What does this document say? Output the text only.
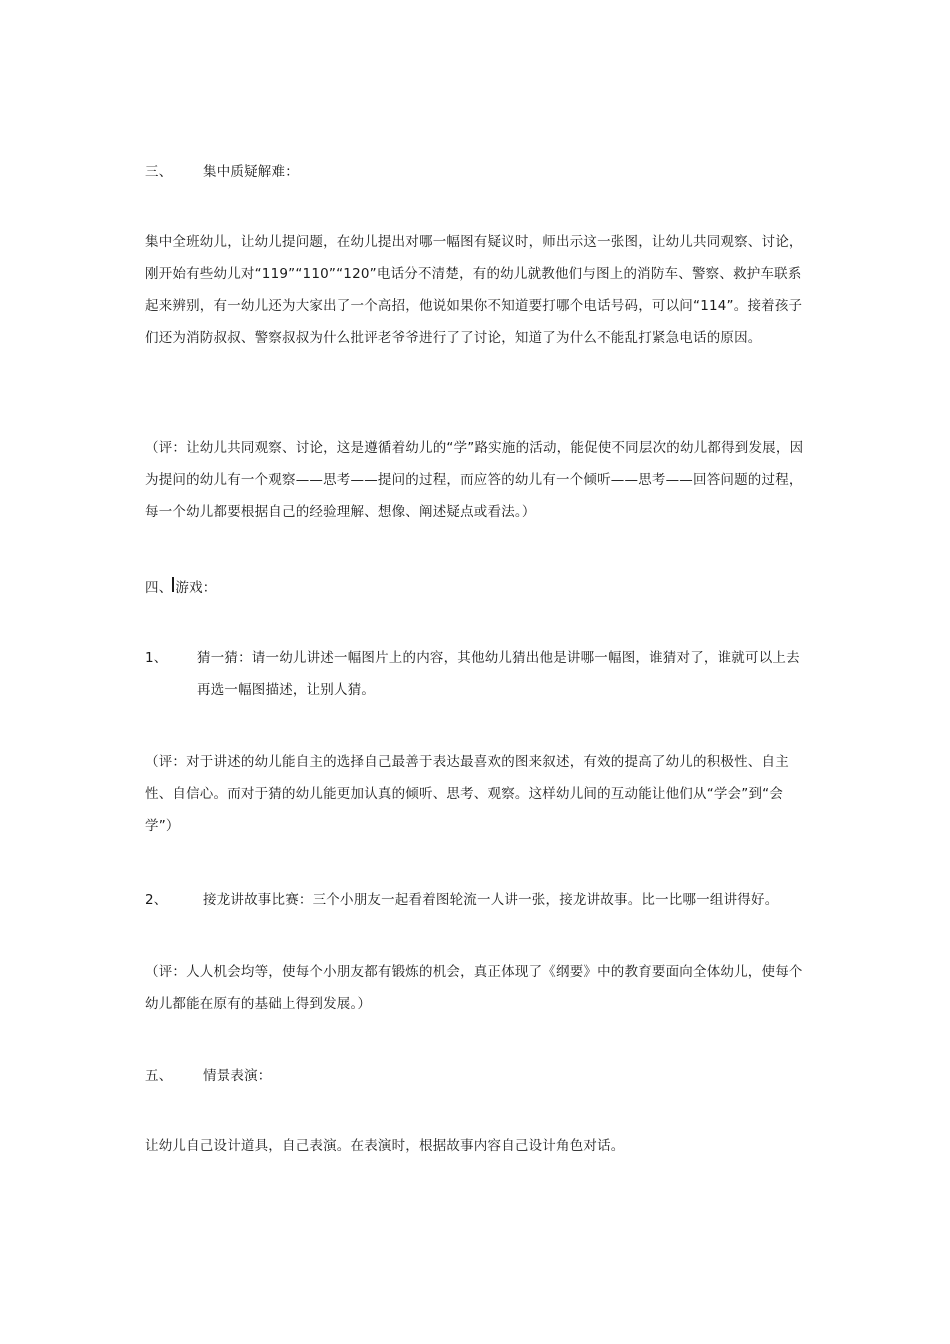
三、	集中质疑解难：

集中全班幼儿，让幼儿提问题，在幼儿提出对哪一幅图有疑议时，师出示这一张图，让幼儿共同观察、讨论，刚开始有些幼儿对“119”“110”“120”电话分不清楚，有的幼儿就教他们与图上的消防车、警察、救护车联系起来辨别，有一幼儿还为大家出了一个高招，他说如果你不知道要打哪个电话号码，可以问“114”。接着孩子们还为消防叔叔、警察叔叔为什么批评老爷爷进行了了讨论，知道了为什么不能乱打紧急电话的原因。

（评：让幼儿共同观察、讨论，这是遵循着幼儿的“学”路实施的活动，能促使不同层次的幼儿都得到发展，因为提问的幼儿有一个观察——思考——提问的过程，而应答的幼儿有一个倾听——思考——回答问题的过程，每一个幼儿都要根据自己的经验理解、想像、阐述疑点或看法。）

四、 游戏：
1、	猜一猜：请一幼儿讲述一幅图片上的内容，其他幼儿猜出他是讲哪一幅图，谁猜对了，谁就可以上去再选一幅图描述，让别人猜。

（评：对于讲述的幼儿能自主的选择自己最善于表达最喜欢的图来叙述，有效的提高了幼儿的积极性、自主性、自信心。而对于猜的幼儿能更加认真的倾听、思考、观察。这样幼儿间的互动能让他们从“学会”到“会学”）

2、	接龙讲故事比赛：三个小朋友一起看着图轮流一人讲一张，接龙讲故事。比一比哪一组讲得好。

（评：人人机会均等，使每个小朋友都有锻炼的机会，真正体现了《纲要》中的教育要面向全体幼儿，使每个幼儿都能在原有的基础上得到发展。）

五、	情景表演：

让幼儿自己设计道具，自己表演。在表演时，根据故事内容自己设计角色对话。
